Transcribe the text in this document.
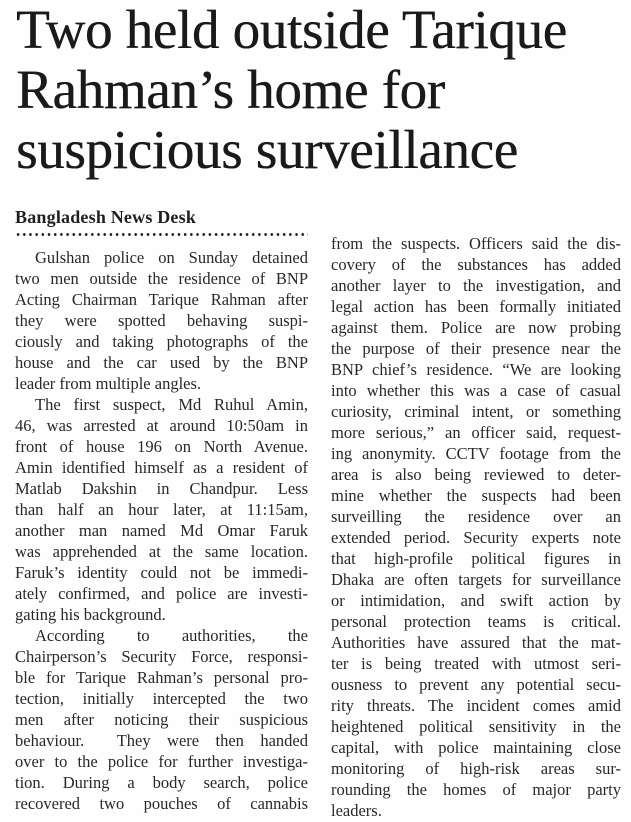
Two held outside Tarique
Rahman’s home for
suspicious surveillance
Bangladesh News Desk
Gulshan police on Sunday detained
two men outside the residence of BNP
Acting Chairman Tarique Rahman after
they were spotted behaving suspi-
ciously and taking photographs of the
house and the car used by the BNP
leader from multiple angles.
The first suspect, Md Ruhul Amin,
46, was arrested at around 10:50am in
front of house 196 on North Avenue.
Amin identified himself as a resident of
Matlab Dakshin in Chandpur. Less
than half an hour later, at 11:15am,
another man named Md Omar Faruk
was apprehended at the same location.
Faruk’s identity could not be immedi-
ately confirmed, and police are investi-
gating his background.
According to authorities, the
Chairperson’s Security Force, responsi-
ble for Tarique Rahman’s personal pro-
tection, initially intercepted the two
men after noticing their suspicious
behaviour.  They were then handed
over to the police for further investiga-
tion. During a body search, police
recovered two pouches of cannabis
from the suspects. Officers said the dis-
covery of the substances has added
another layer to the investigation, and
legal action has been formally initiated
against them. Police are now probing
the purpose of their presence near the
BNP chief’s residence. “We are looking
into whether this was a case of casual
curiosity, criminal intent, or something
more serious,” an officer said, request-
ing anonymity. CCTV footage from the
area is also being reviewed to deter-
mine whether the suspects had been
surveilling the residence over an
extended period. Security experts note
that high-profile political figures in
Dhaka are often targets for surveillance
or intimidation, and swift action by
personal protection teams is critical.
Authorities have assured that the mat-
ter is being treated with utmost seri-
ousness to prevent any potential secu-
rity threats. The incident comes amid
heightened political sensitivity in the
capital, with police maintaining close
monitoring of high-risk areas sur-
rounding the homes of major party
leaders.
